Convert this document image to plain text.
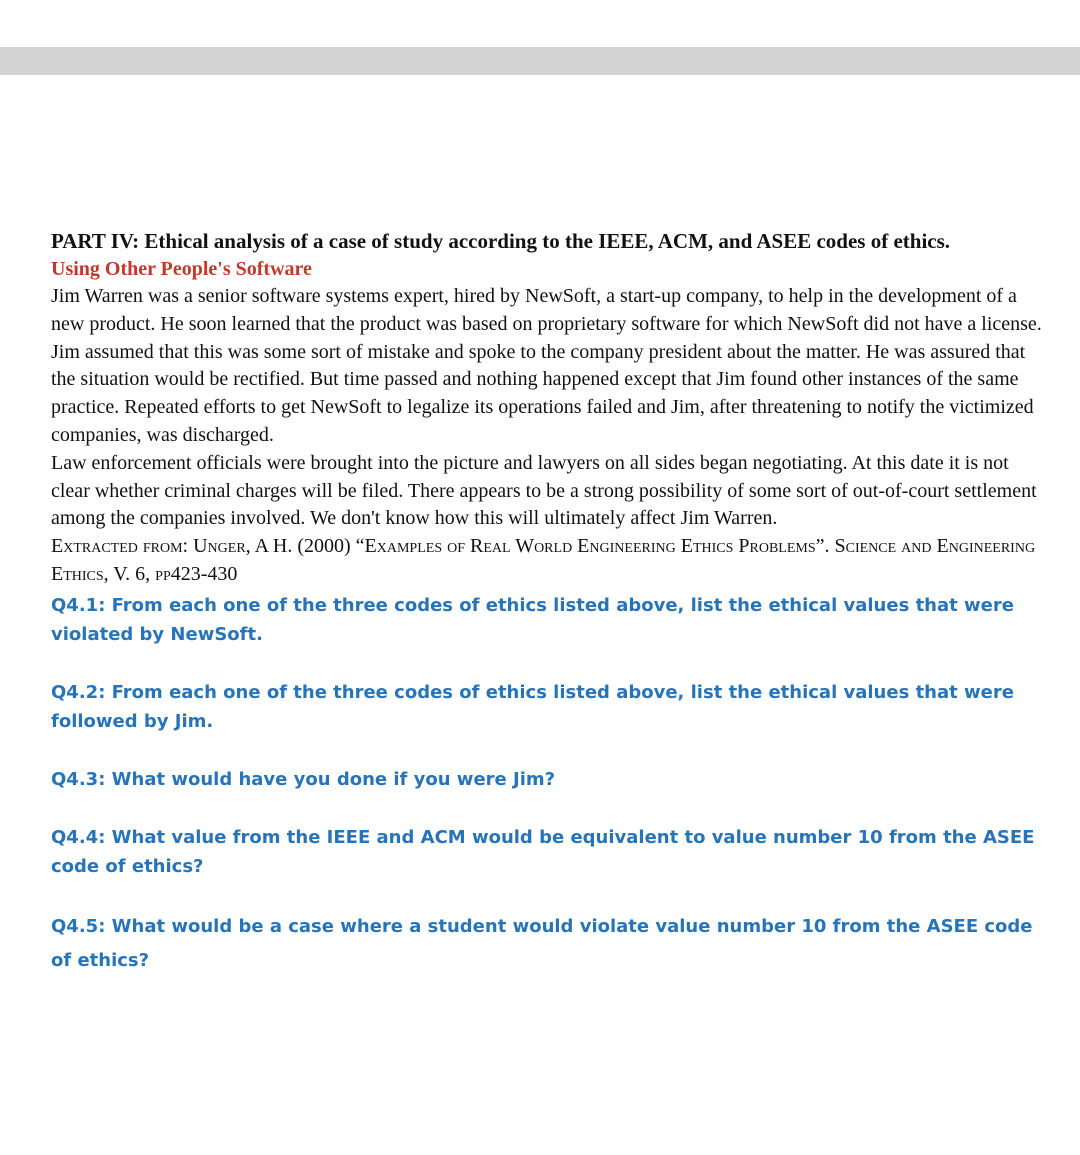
PART IV: Ethical analysis of a case of study according to the IEEE, ACM, and ASEE codes of ethics.

Using Other People's Software

Jim Warren was a senior software systems expert, hired by NewSoft, a start-up company, to help in the development of a new product. He soon learned that the product was based on proprietary software for which NewSoft did not have a license. Jim assumed that this was some sort of mistake and spoke to the company president about the matter. He was assured that the situation would be rectified. But time passed and nothing happened except that Jim found other instances of the same practice. Repeated efforts to get NewSoft to legalize its operations failed and Jim, after threatening to notify the victimized companies, was discharged.

Law enforcement officials were brought into the picture and lawyers on all sides began negotiating. At this date it is not clear whether criminal charges will be filed. There appears to be a strong possibility of some sort of out-of-court settlement among the companies involved. We don't know how this will ultimately affect Jim Warren.

Extracted from: Unger, A H. (2000) “Examples of Real World Engineering Ethics Problems”. Science and Engineering Ethics, V. 6, pp423-430

Q4.1: From each one of the three codes of ethics listed above, list the ethical values that were violated by NewSoft.

Q4.2: From each one of the three codes of ethics listed above, list the ethical values that were followed by Jim.

Q4.3: What would have you done if you were Jim?

Q4.4: What value from the IEEE and ACM would be equivalent to value number 10 from the ASEE code of ethics?

Q4.5: What would be a case where a student would violate value number 10 from the ASEE code of ethics?
